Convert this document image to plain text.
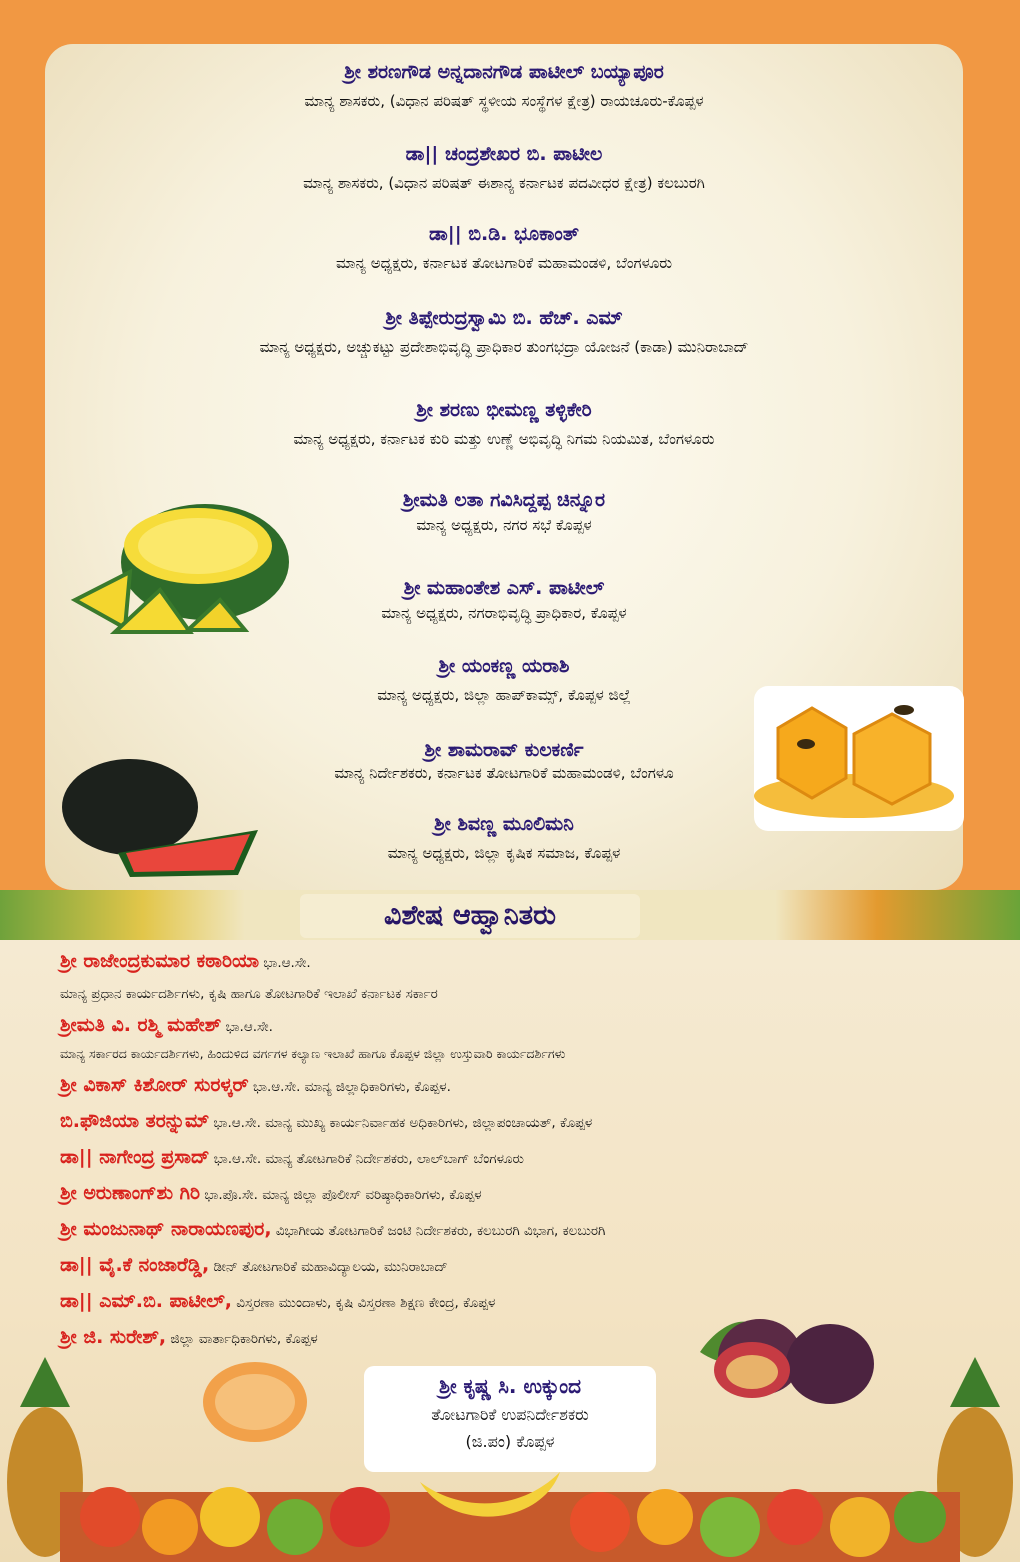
ಶ್ರೀ ಶರಣಗೌಡ ಅನ್ನದಾನಗೌಡ ಪಾಟೀಲ್ ಬಯ್ಯಾಪೂರ
ಮಾನ್ಯ ಶಾಸಕರು, (ವಿಧಾನ ಪರಿಷತ್ ಸ್ಥಳೀಯ ಸಂಸ್ಥೆಗಳ ಕ್ಷೇತ್ರ) ರಾಯಚೂರು-ಕೊಪ್ಪಳ
ಡಾ|| ಚಂದ್ರಶೇಖರ ಬಿ. ಪಾಟೀಲ
ಮಾನ್ಯ ಶಾಸಕರು, (ವಿಧಾನ ಪರಿಷತ್ ಈಶಾನ್ಯ ಕರ್ನಾಟಕ ಪದವೀಧರ ಕ್ಷೇತ್ರ) ಕಲಬುರಗಿ
ಡಾ|| ಬಿ.ಡಿ. ಭೂಕಾಂತ್
ಮಾನ್ಯ ಅಧ್ಯಕ್ಷರು, ಕರ್ನಾಟಕ ತೋಟಗಾರಿಕೆ ಮಹಾಮಂಡಳಿ, ಬೆಂಗಳೂರು
ಶ್ರೀ ತಿಪ್ಪೇರುದ್ರಸ್ವಾಮಿ ಬಿ. ಹೆಚ್. ಎಮ್
ಮಾನ್ಯ ಅಧ್ಯಕ್ಷರು, ಅಚ್ಚುಕಟ್ಟು ಪ್ರದೇಶಾಭಿವೃದ್ಧಿ ಪ್ರಾಧಿಕಾರ ತುಂಗಭದ್ರಾ ಯೋಜನೆ (ಕಾಡಾ) ಮುನಿರಾಬಾದ್
ಶ್ರೀ ಶರಣು ಭೀಮಣ್ಣ ತಳ್ಳಿಕೇರಿ
ಮಾನ್ಯ ಅಧ್ಯಕ್ಷರು, ಕರ್ನಾಟಕ ಕುರಿ ಮತ್ತು ಉಣ್ಣೆ ಅಭಿವೃದ್ಧಿ ನಿಗಮ ನಿಯಮಿತ, ಬೆಂಗಳೂರು
ಶ್ರೀಮತಿ ಲತಾ ಗವಿಸಿದ್ದಪ್ಪ ಚಿನ್ನೂರ
ಮಾನ್ಯ ಅಧ್ಯಕ್ಷರು, ನಗರ ಸಭೆ ಕೊಪ್ಪಳ
ಶ್ರೀ ಮಹಾಂತೇಶ ಎಸ್. ಪಾಟೀಲ್
ಮಾನ್ಯ ಅಧ್ಯಕ್ಷರು, ನಗರಾಭಿವೃದ್ಧಿ ಪ್ರಾಧಿಕಾರ, ಕೊಪ್ಪಳ
ಶ್ರೀ ಯಂಕಣ್ಣ ಯರಾಶಿ
ಮಾನ್ಯ ಅಧ್ಯಕ್ಷರು, ಜಿಲ್ಲಾ ಹಾಪ್‌ಕಾಮ್ಸ್, ಕೊಪ್ಪಳ ಜಿಲ್ಲೆ
ಶ್ರೀ ಶಾಮರಾವ್ ಕುಲಕರ್ಣಿ
ಮಾನ್ಯ ನಿರ್ದೇಶಕರು, ಕರ್ನಾಟಕ ತೋಟಗಾರಿಕೆ ಮಹಾಮಂಡಳಿ, ಬೆಂಗಳೂ
ಶ್ರೀ ಶಿವಣ್ಣ ಮೂಲಿಮನಿ
ಮಾನ್ಯ ಅಧ್ಯಕ್ಷರು, ಜಿಲ್ಲಾ ಕೃಷಿಕ ಸಮಾಜ, ಕೊಪ್ಪಳ
ವಿಶೇಷ ಆಹ್ವಾನಿತರು
ಶ್ರೀ ರಾಜೇಂದ್ರಕುಮಾರ ಕಠಾರಿಯಾ ಭಾ.ಆ.ಸೇ.
ಮಾನ್ಯ ಪ್ರಧಾನ ಕಾರ್ಯದರ್ಶಿಗಳು, ಕೃಷಿ ಹಾಗೂ ತೋಟಗಾರಿಕೆ ಇಲಾಖೆ ಕರ್ನಾಟಕ ಸರ್ಕಾರ
ಶ್ರೀಮತಿ ವಿ. ರಶ್ಮಿ ಮಹೇಶ್ ಭಾ.ಆ.ಸೇ.
ಮಾನ್ಯ ಸರ್ಕಾರದ ಕಾರ್ಯದರ್ಶಿಗಳು, ಹಿಂದುಳಿದ ವರ್ಗಗಳ ಕಲ್ಯಾಣ ಇಲಾಖೆ ಹಾಗೂ ಕೊಪ್ಪಳ ಜಿಲ್ಲಾ ಉಸ್ತುವಾರಿ ಕಾರ್ಯದರ್ಶಿಗಳು
ಶ್ರೀ ವಿಕಾಸ್ ಕಿಶೋರ್ ಸುರಳ್ಕರ್ ಭಾ.ಆ.ಸೇ. ಮಾನ್ಯ ಜಿಲ್ಲಾಧಿಕಾರಿಗಳು, ಕೊಪ್ಪಳ.
ಬಿ.ಫೌಜಿಯಾ ತರನ್ನುಮ್ ಭಾ.ಆ.ಸೇ. ಮಾನ್ಯ ಮುಖ್ಯ ಕಾರ್ಯನಿರ್ವಾಹಕ ಅಧಿಕಾರಿಗಳು, ಜಿಲ್ಲಾಪಂಚಾಯತ್, ಕೊಪ್ಪಳ
ಡಾ|| ನಾಗೇಂದ್ರ ಪ್ರಸಾದ್ ಭಾ.ಆ.ಸೇ. ಮಾನ್ಯ ತೋಟಗಾರಿಕೆ ನಿರ್ದೇಶಕರು, ಲಾಲ್‌ಬಾಗ್ ಬೆಂಗಳೂರು
ಶ್ರೀ ಅರುಣಾಂಗ್‌ಶು ಗಿರಿ ಭಾ.ಪೊ.ಸೇ. ಮಾನ್ಯ ಜಿಲ್ಲಾ ಪೊಲೀಸ್ ವರಿಷ್ಠಾಧಿಕಾರಿಗಳು, ಕೊಪ್ಪಳ
ಶ್ರೀ ಮಂಜುನಾಥ್ ನಾರಾಯಣಪುರ, ವಿಭಾಗೀಯ ತೋಟಗಾರಿಕೆ ಜಂಟಿ ನಿರ್ದೇಶಕರು, ಕಲಬುರಗಿ ವಿಭಾಗ, ಕಲಬುರಗಿ
ಡಾ|| ವೈ.ಕೆ ನಂಜಾರೆಡ್ಡಿ, ಡೀನ್ ತೋಟಗಾರಿಕೆ ಮಹಾವಿದ್ಯಾಲಯ, ಮುನಿರಾಬಾದ್
ಡಾ|| ಎಮ್.ಬಿ. ಪಾಟೀಲ್, ವಿಸ್ತರಣಾ ಮುಂದಾಳು, ಕೃಷಿ ವಿಸ್ತರಣಾ ಶಿಕ್ಷಣ ಕೇಂದ್ರ, ಕೊಪ್ಪಳ
ಶ್ರೀ ಜಿ. ಸುರೇಶ್, ಜಿಲ್ಲಾ ವಾರ್ತಾಧಿಕಾರಿಗಳು, ಕೊಪ್ಪಳ
ಶ್ರೀ ಕೃಷ್ಣ ಸಿ. ಉಕ್ಕುಂದ
ತೋಟಗಾರಿಕೆ ಉಪನಿರ್ದೇಶಕರು
(ಜಿ.ಪಂ) ಕೊಪ್ಪಳ
